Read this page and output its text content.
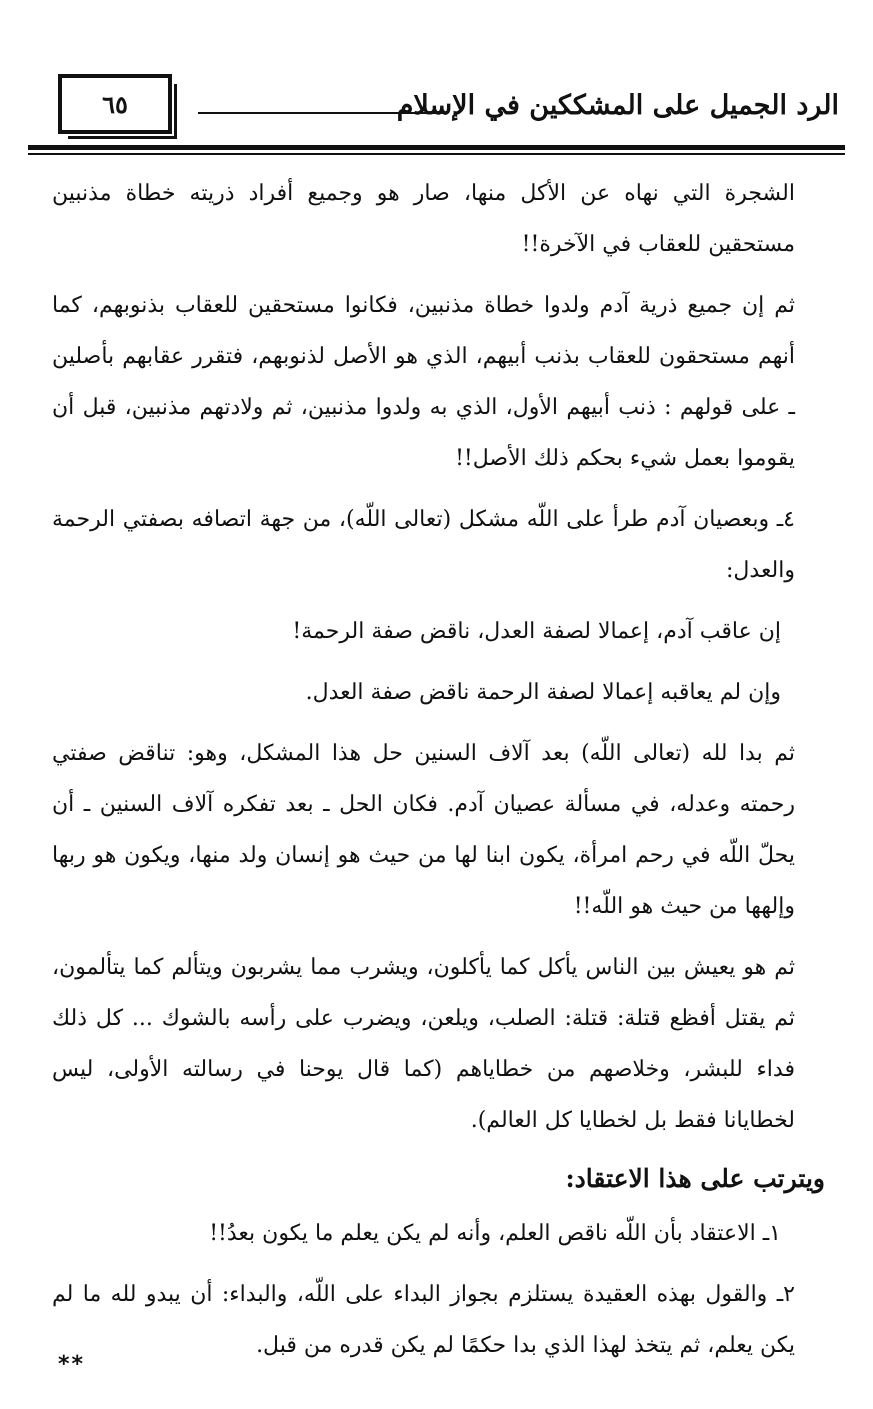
٦٥	الرد الجميل على المشككين في الإسلام

الشجرة التي نهاه عن الأكل منها، صار هو وجميع أفراد ذريته خطاة مذنبين مستحقين للعقاب في الآخرة!!

ثم إن جميع ذرية آدم ولدوا خطاة مذنبين، فكانوا مستحقين للعقاب بذنوبهم، كما أنهم مستحقون للعقاب بذنب أبيهم، الذي هو الأصل لذنوبهم، فتقرر عقابهم بأصلين ـ على قولهم : ذنب أبيهم الأول، الذي به ولدوا مذنبين، ثم ولادتهم مذنبين، قبل أن يقوموا بعمل شيء بحكم ذلك الأصل!!

٤ـ وبعصيان آدم طرأ على اللّه مشكل (تعالى اللّه)، من جهة اتصافه بصفتي الرحمة والعدل:

إن عاقب آدم، إعمالا لصفة العدل، ناقض صفة الرحمة!

وإن لم يعاقبه إعمالا لصفة الرحمة ناقض صفة العدل.

ثم بدا لله (تعالى اللّه) بعد آلاف السنين حل هذا المشكل، وهو: تناقض صفتي رحمته وعدله، في مسألة عصيان آدم. فكان الحل ـ بعد تفكره آلاف السنين ـ أن يحلّ اللّه في رحم امرأة، يكون ابنا لها من حيث هو إنسان ولد منها، ويكون هو ربها وإلهها من حيث هو اللّه!!

ثم هو يعيش بين الناس يأكل كما يأكلون، ويشرب مما يشربون ويتألم كما يتألمون، ثم يقتل أفظع قتلة: قتلة: الصلب، ويلعن، ويضرب على رأسه بالشوك ... كل ذلك فداء للبشر، وخلاصهم من خطاياهم (كما قال يوحنا في رسالته الأولى، ليس لخطايانا فقط بل لخطايا كل العالم).

ويترتب على هذا الاعتقاد:

١ـ الاعتقاد بأن اللّه ناقص العلم، وأنه لم يكن يعلم ما يكون بعدُ!!

٢ـ والقول بهذه العقيدة يستلزم بجواز البداء على اللّه، والبداء: أن يبدو لله ما لم يكن يعلم، ثم يتخذ لهذا الذي بدا حكمًا لم يكن قدره من قبل.

**
